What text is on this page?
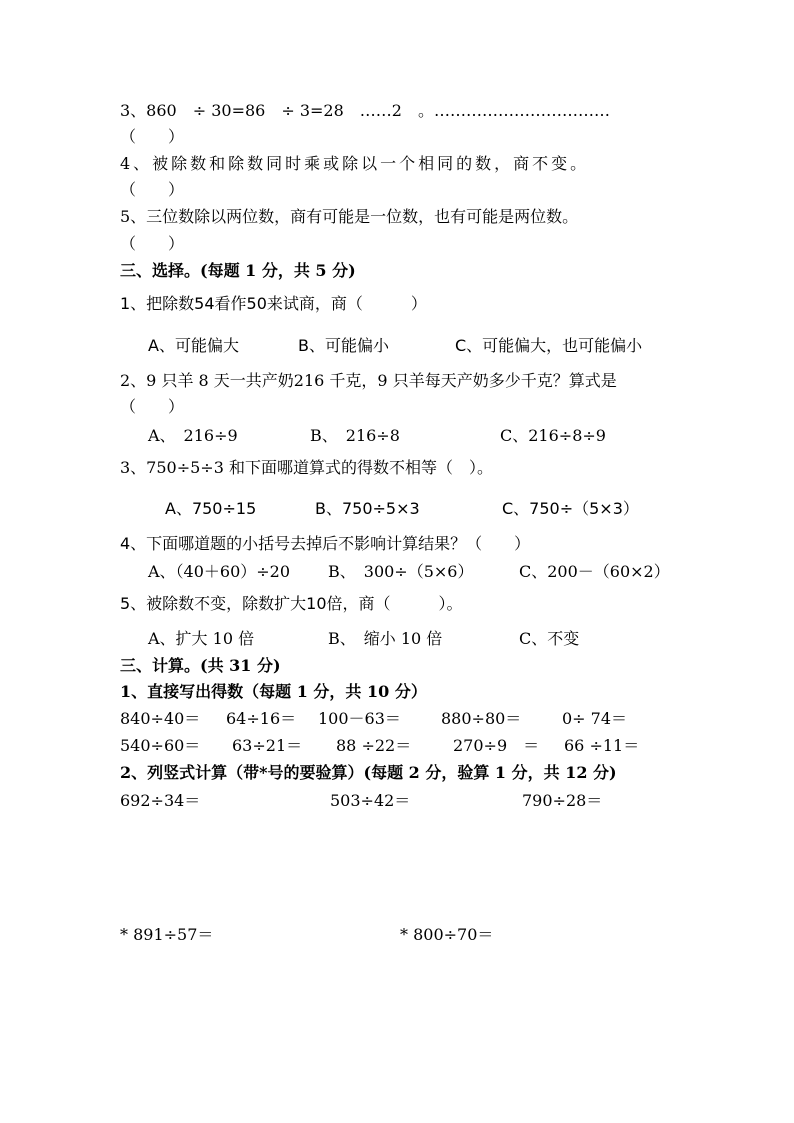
3、860　÷ 30=86　÷ 3=28　……2　。……………………………
（　　）
4、被除数和除数同时乘或除以一个相同的数，商不变。
（　　）
5、三位数除以两位数，商有可能是一位数，也有可能是两位数。
（　　）
三、选择。(每题 1 分，共 5 分)
1、把除数54看作50来试商，商（　　　）
A、可能偏大	B、可能偏小	C、可能偏大，也可能偏小
2、9 只羊 8 天一共产奶216 千克，9 只羊每天产奶多少千克？算式是
（　　）
A、　216÷9	B、　216÷8	C、216÷8÷9
3、750÷5÷3 和下面哪道算式的得数不相等（　）。
A、750÷15	B、750÷5×3	C、750÷（5×3）
4、下面哪道题的小括号去掉后不影响计算结果？（　　）
A、（40＋60）÷20 B、　300÷（5×6）	C、200－（60×2）
5、被除数不变，除数扩大10倍，商（　　　）。
A、扩大 10 倍	B、　缩小 10 倍	C、不变
三、计算。(共 31 分)
1、直接写出得数（每题 1 分，共 10 分）
840÷40＝ 64÷16＝ 100－63＝	880÷80＝	0÷ 74＝
540÷60＝ 63÷21＝ 88 ÷22＝	270÷9　＝ 66 ÷11＝
2、列竖式计算（带*号的要验算）(每题 2 分，验算 1 分，共 12 分)
692÷34＝	503÷42＝	790÷28＝
* 891÷57＝	* 800÷70＝
